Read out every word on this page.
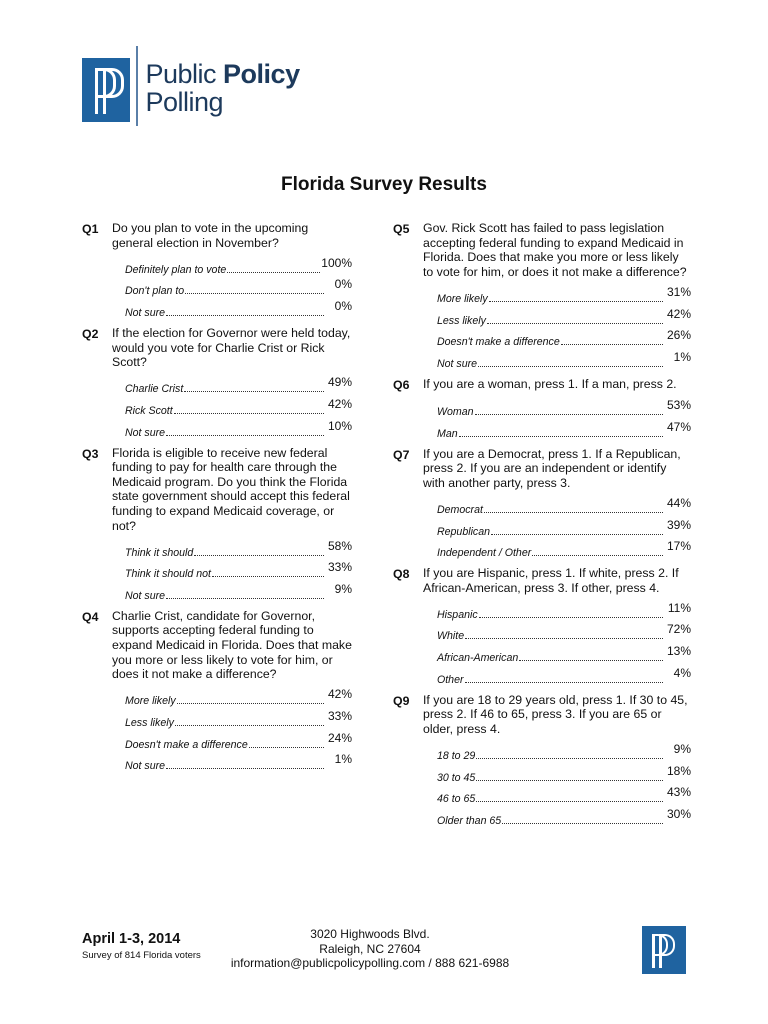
Public Policy
Polling
Florida Survey Results
Q1	Do you plan to vote in the upcoming general election in November?
Definitely plan to vote	100%
Don't plan to	0%
Not sure	0%
Q2	If the election for Governor were held today, would you vote for Charlie Crist or Rick Scott?
Charlie Crist	49%
Rick Scott	42%
Not sure	10%
Q3	Florida is eligible to receive new federal funding to pay for health care through the Medicaid program. Do you think the Florida state government should accept this federal funding to expand Medicaid coverage, or not?
Think it should	58%
Think it should not	33%
Not sure	9%
Q4	Charlie Crist, candidate for Governor, supports accepting federal funding to expand Medicaid in Florida. Does that make you more or less likely to vote for him, or does it not make a difference?
More likely	42%
Less likely	33%
Doesn't make a difference	24%
Not sure	1%
Q5	Gov. Rick Scott has failed to pass legislation accepting federal funding to expand Medicaid in Florida. Does that make you more or less likely to vote for him, or does it not make a difference?
More likely	31%
Less likely	42%
Doesn't make a difference	26%
Not sure	1%
Q6	If you are a woman, press 1. If a man, press 2.
Woman	53%
Man	47%
Q7	If you are a Democrat, press 1. If a Republican, press 2. If you are an independent or identify with another party, press 3.
Democrat	44%
Republican	39%
Independent / Other	17%
Q8	If you are Hispanic, press 1. If white, press 2. If African-American, press 3. If other, press 4.
Hispanic	11%
White	72%
African-American	13%
Other	4%
Q9	If you are 18 to 29 years old, press 1. If 30 to 45, press 2. If 46 to 65, press 3. If you are 65 or older, press 4.
18 to 29	9%
30 to 45	18%
46 to 65	43%
Older than 65	30%
April 1-3, 2014
Survey of 814 Florida voters
3020 Highwoods Blvd.
Raleigh, NC 27604
information@publicpolicypolling.com / 888 621-6988
